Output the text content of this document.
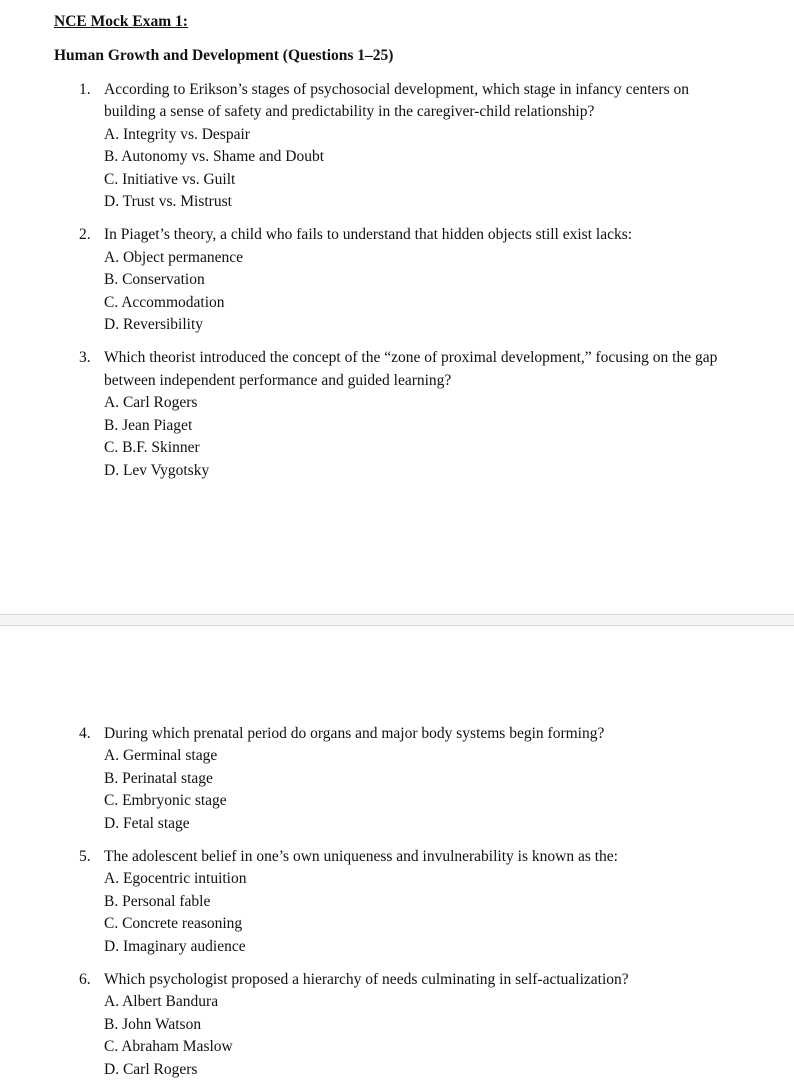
NCE Mock Exam 1:
Human Growth and Development (Questions 1–25)
1. According to Erikson’s stages of psychosocial development, which stage in infancy centers on building a sense of safety and predictability in the caregiver-child relationship?
A. Integrity vs. Despair
B. Autonomy vs. Shame and Doubt
C. Initiative vs. Guilt
D. Trust vs. Mistrust
2. In Piaget’s theory, a child who fails to understand that hidden objects still exist lacks:
A. Object permanence
B. Conservation
C. Accommodation
D. Reversibility
3. Which theorist introduced the concept of the “zone of proximal development,” focusing on the gap between independent performance and guided learning?
A. Carl Rogers
B. Jean Piaget
C. B.F. Skinner
D. Lev Vygotsky
4. During which prenatal period do organs and major body systems begin forming?
A. Germinal stage
B. Perinatal stage
C. Embryonic stage
D. Fetal stage
5. The adolescent belief in one’s own uniqueness and invulnerability is known as the:
A. Egocentric intuition
B. Personal fable
C. Concrete reasoning
D. Imaginary audience
6. Which psychologist proposed a hierarchy of needs culminating in self-actualization?
A. Albert Bandura
B. John Watson
C. Abraham Maslow
D. Carl Rogers
